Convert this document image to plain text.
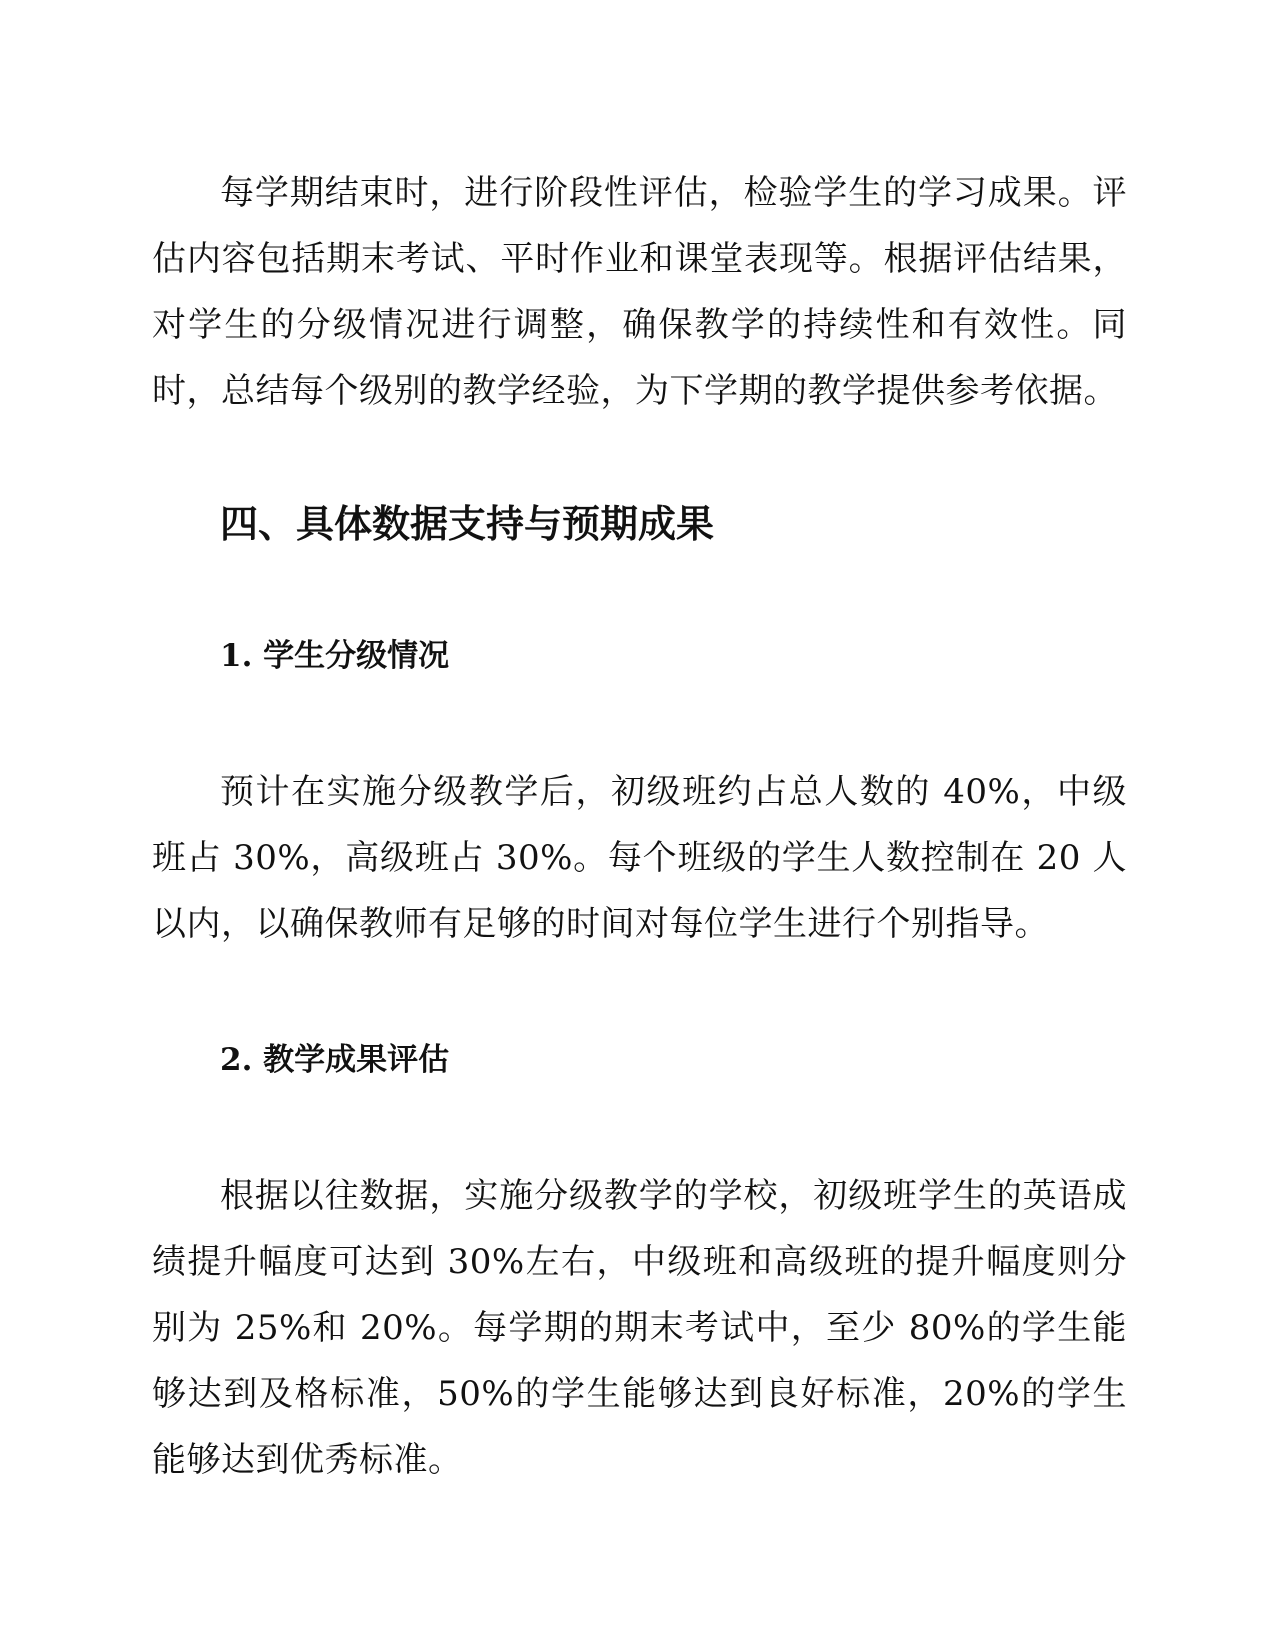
每学期结束时，进行阶段性评估，检验学生的学习成果。评估内容包括期末考试、平时作业和课堂表现等。根据评估结果，对学生的分级情况进行调整，确保教学的持续性和有效性。同时，总结每个级别的教学经验，为下学期的教学提供参考依据。

四、具体数据支持与预期成果
1. 学生分级情况

预计在实施分级教学后，初级班约占总人数的 40%，中级班占 30%，高级班占 30%。每个班级的学生人数控制在 20 人以内，以确保教师有足够的时间对每位学生进行个别指导。

2. 教学成果评估

根据以往数据，实施分级教学的学校，初级班学生的英语成绩提升幅度可达到 30%左右，中级班和高级班的提升幅度则分别为 25%和 20%。每学期的期末考试中，至少 80%的学生能够达到及格标准，50%的学生能够达到良好标准，20%的学生能够达到优秀标准。
